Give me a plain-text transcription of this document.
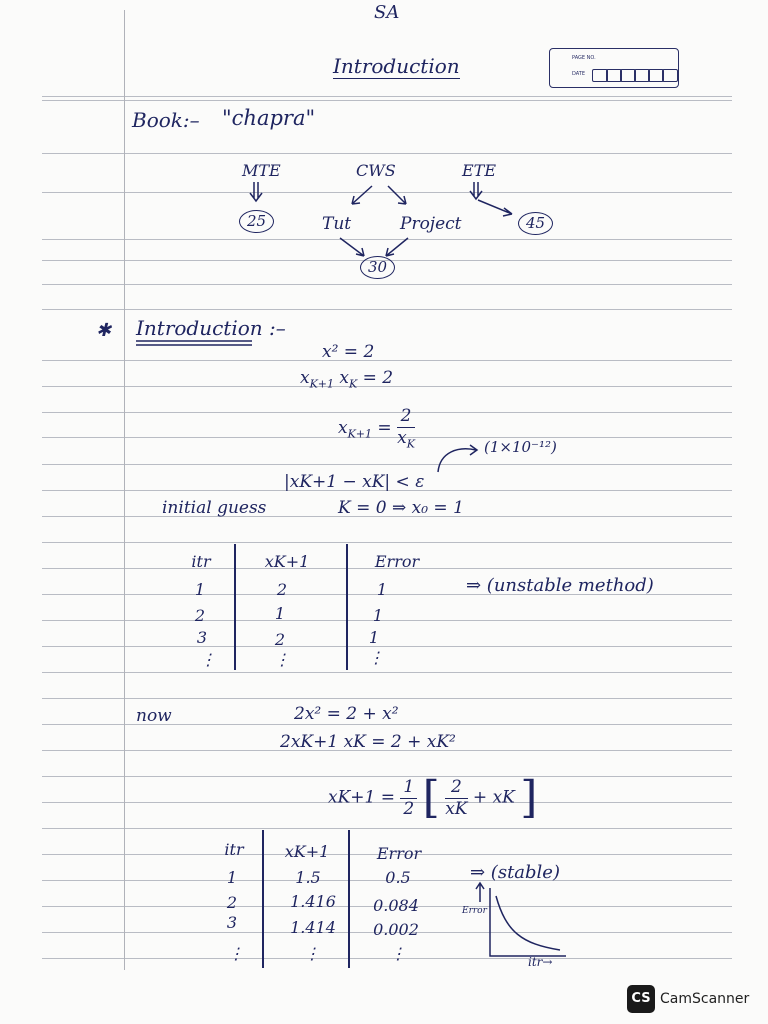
SA
Introduction	PAGE NO.
DATE
Book:– "chapra"
MTE	CWS	ETE
25	Tut	Project	45
30
✱ Introduction :–
x² = 2
$x_{K+1}$ $x_K = 2$
$x_{K+1} = \frac{2}{x_K}$	(1×10⁻¹²)
|xK+1 − xK| < ε
initial guess	K = 0 ⇒ x₀ = 1
itr	xK+1	Error
1	2	1
2	1	1
3	2	1
⋮	⋮	⋮
⇒ (unstable method)
now	2x² = 2 + x²
2xK+1 xK = 2 + xK²
$xK+1 = \frac{1}{2}$ [ $\frac{2}{xK}$ + xK ]
itr	xK+1	Error
1	1.5	0.5
2	1.416	0.084
3	1.414	0.002
⋮	⋮	⋮
⇒ (stable)
Error
itr→
CS CamScanner
